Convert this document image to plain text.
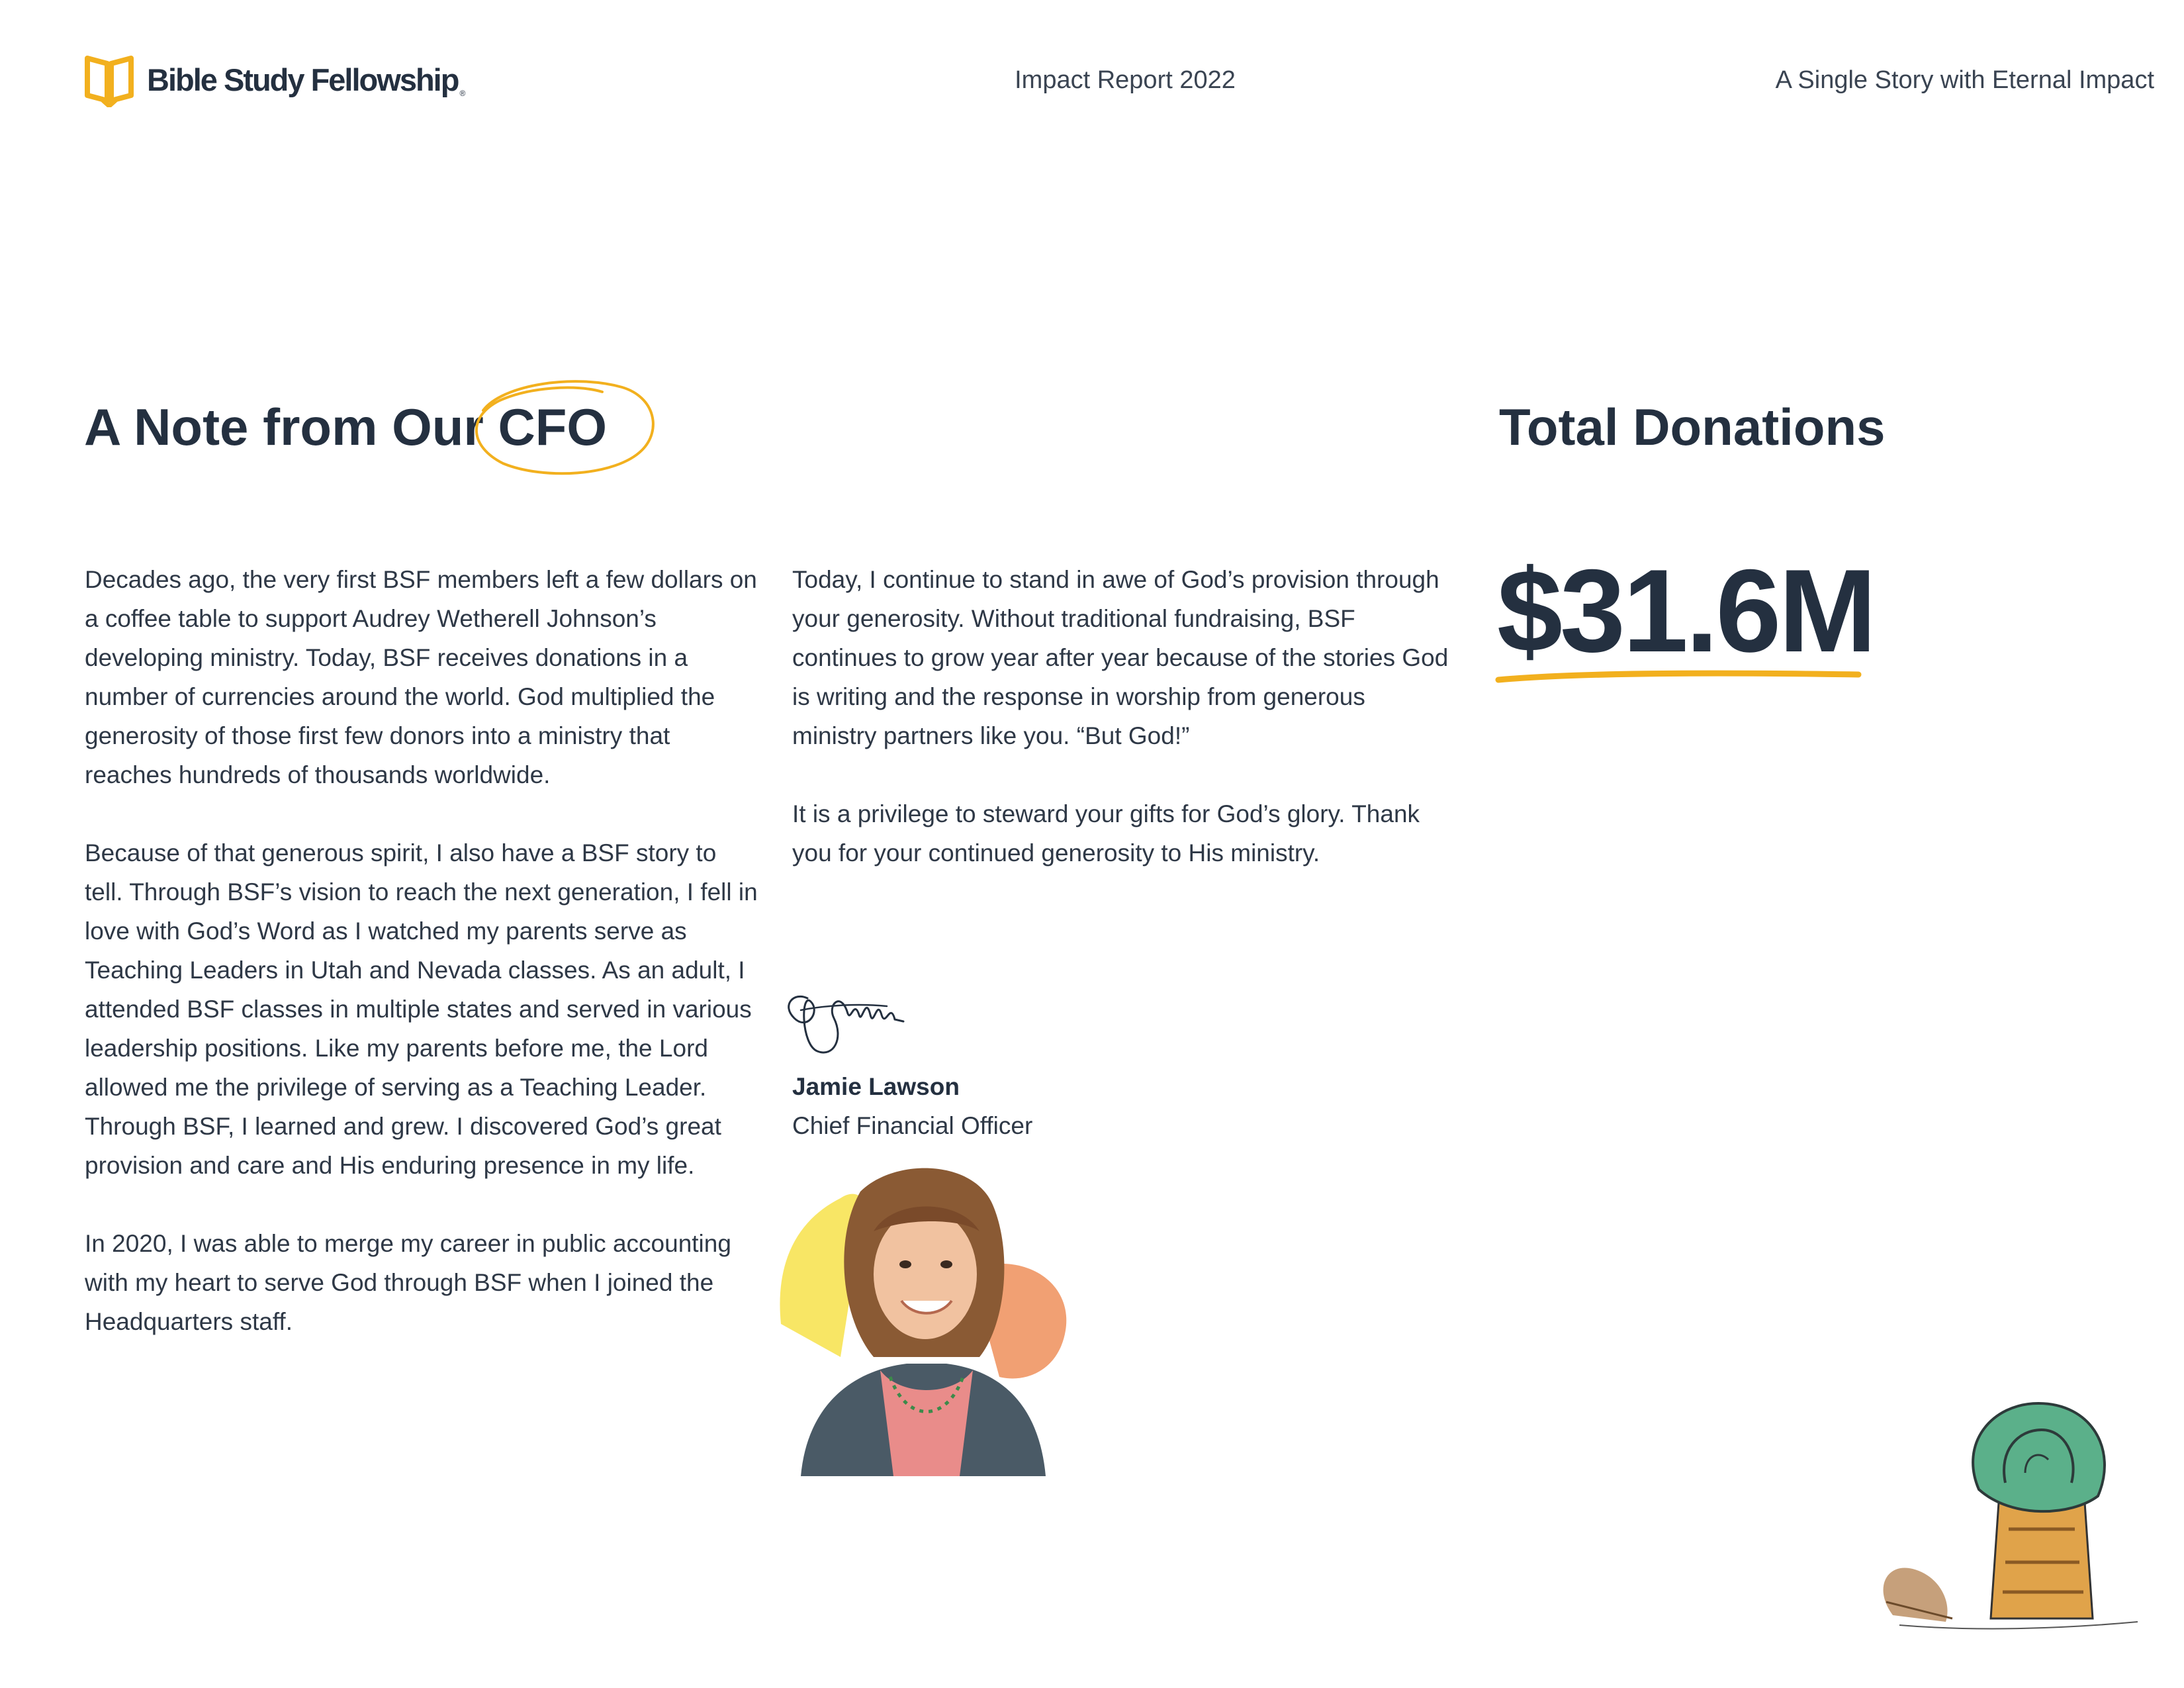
Bible Study Fellowship ®	Impact Report 2022	A Single Story with Eternal Impact
A Note from Our CFO

Decades ago, the very first BSF members left a few dollars on a coffee table to support Audrey Wetherell Johnson’s developing ministry. Today, BSF receives donations in a number of currencies around the world. God multiplied the generosity of those first few donors into a ministry that reaches hundreds of thousands worldwide.

Because of that generous spirit, I also have a BSF story to tell. Through BSF’s vision to reach the next generation, I fell in love with God’s Word as I watched my parents serve as Teaching Leaders in Utah and Nevada classes. As an adult, I attended BSF classes in multiple states and served in various leadership positions. Like my parents before me, the Lord allowed me the privilege of serving as a Teaching Leader. Through BSF, I learned and grew. I discovered God’s great provision and care and His enduring presence in my life.

In 2020, I was able to merge my career in public accounting with my heart to serve God through BSF when I joined the Headquarters staff.

Today, I continue to stand in awe of God’s provision through your generosity. Without traditional fundraising, BSF continues to grow year after year because of the stories God is writing and the response in worship from generous ministry partners like you. “But God!”

It is a privilege to steward your gifts for God’s glory. Thank you for your continued generosity to His ministry.

Jamie Lawson
Chief Financial Officer
Total Donations
$31.6M
